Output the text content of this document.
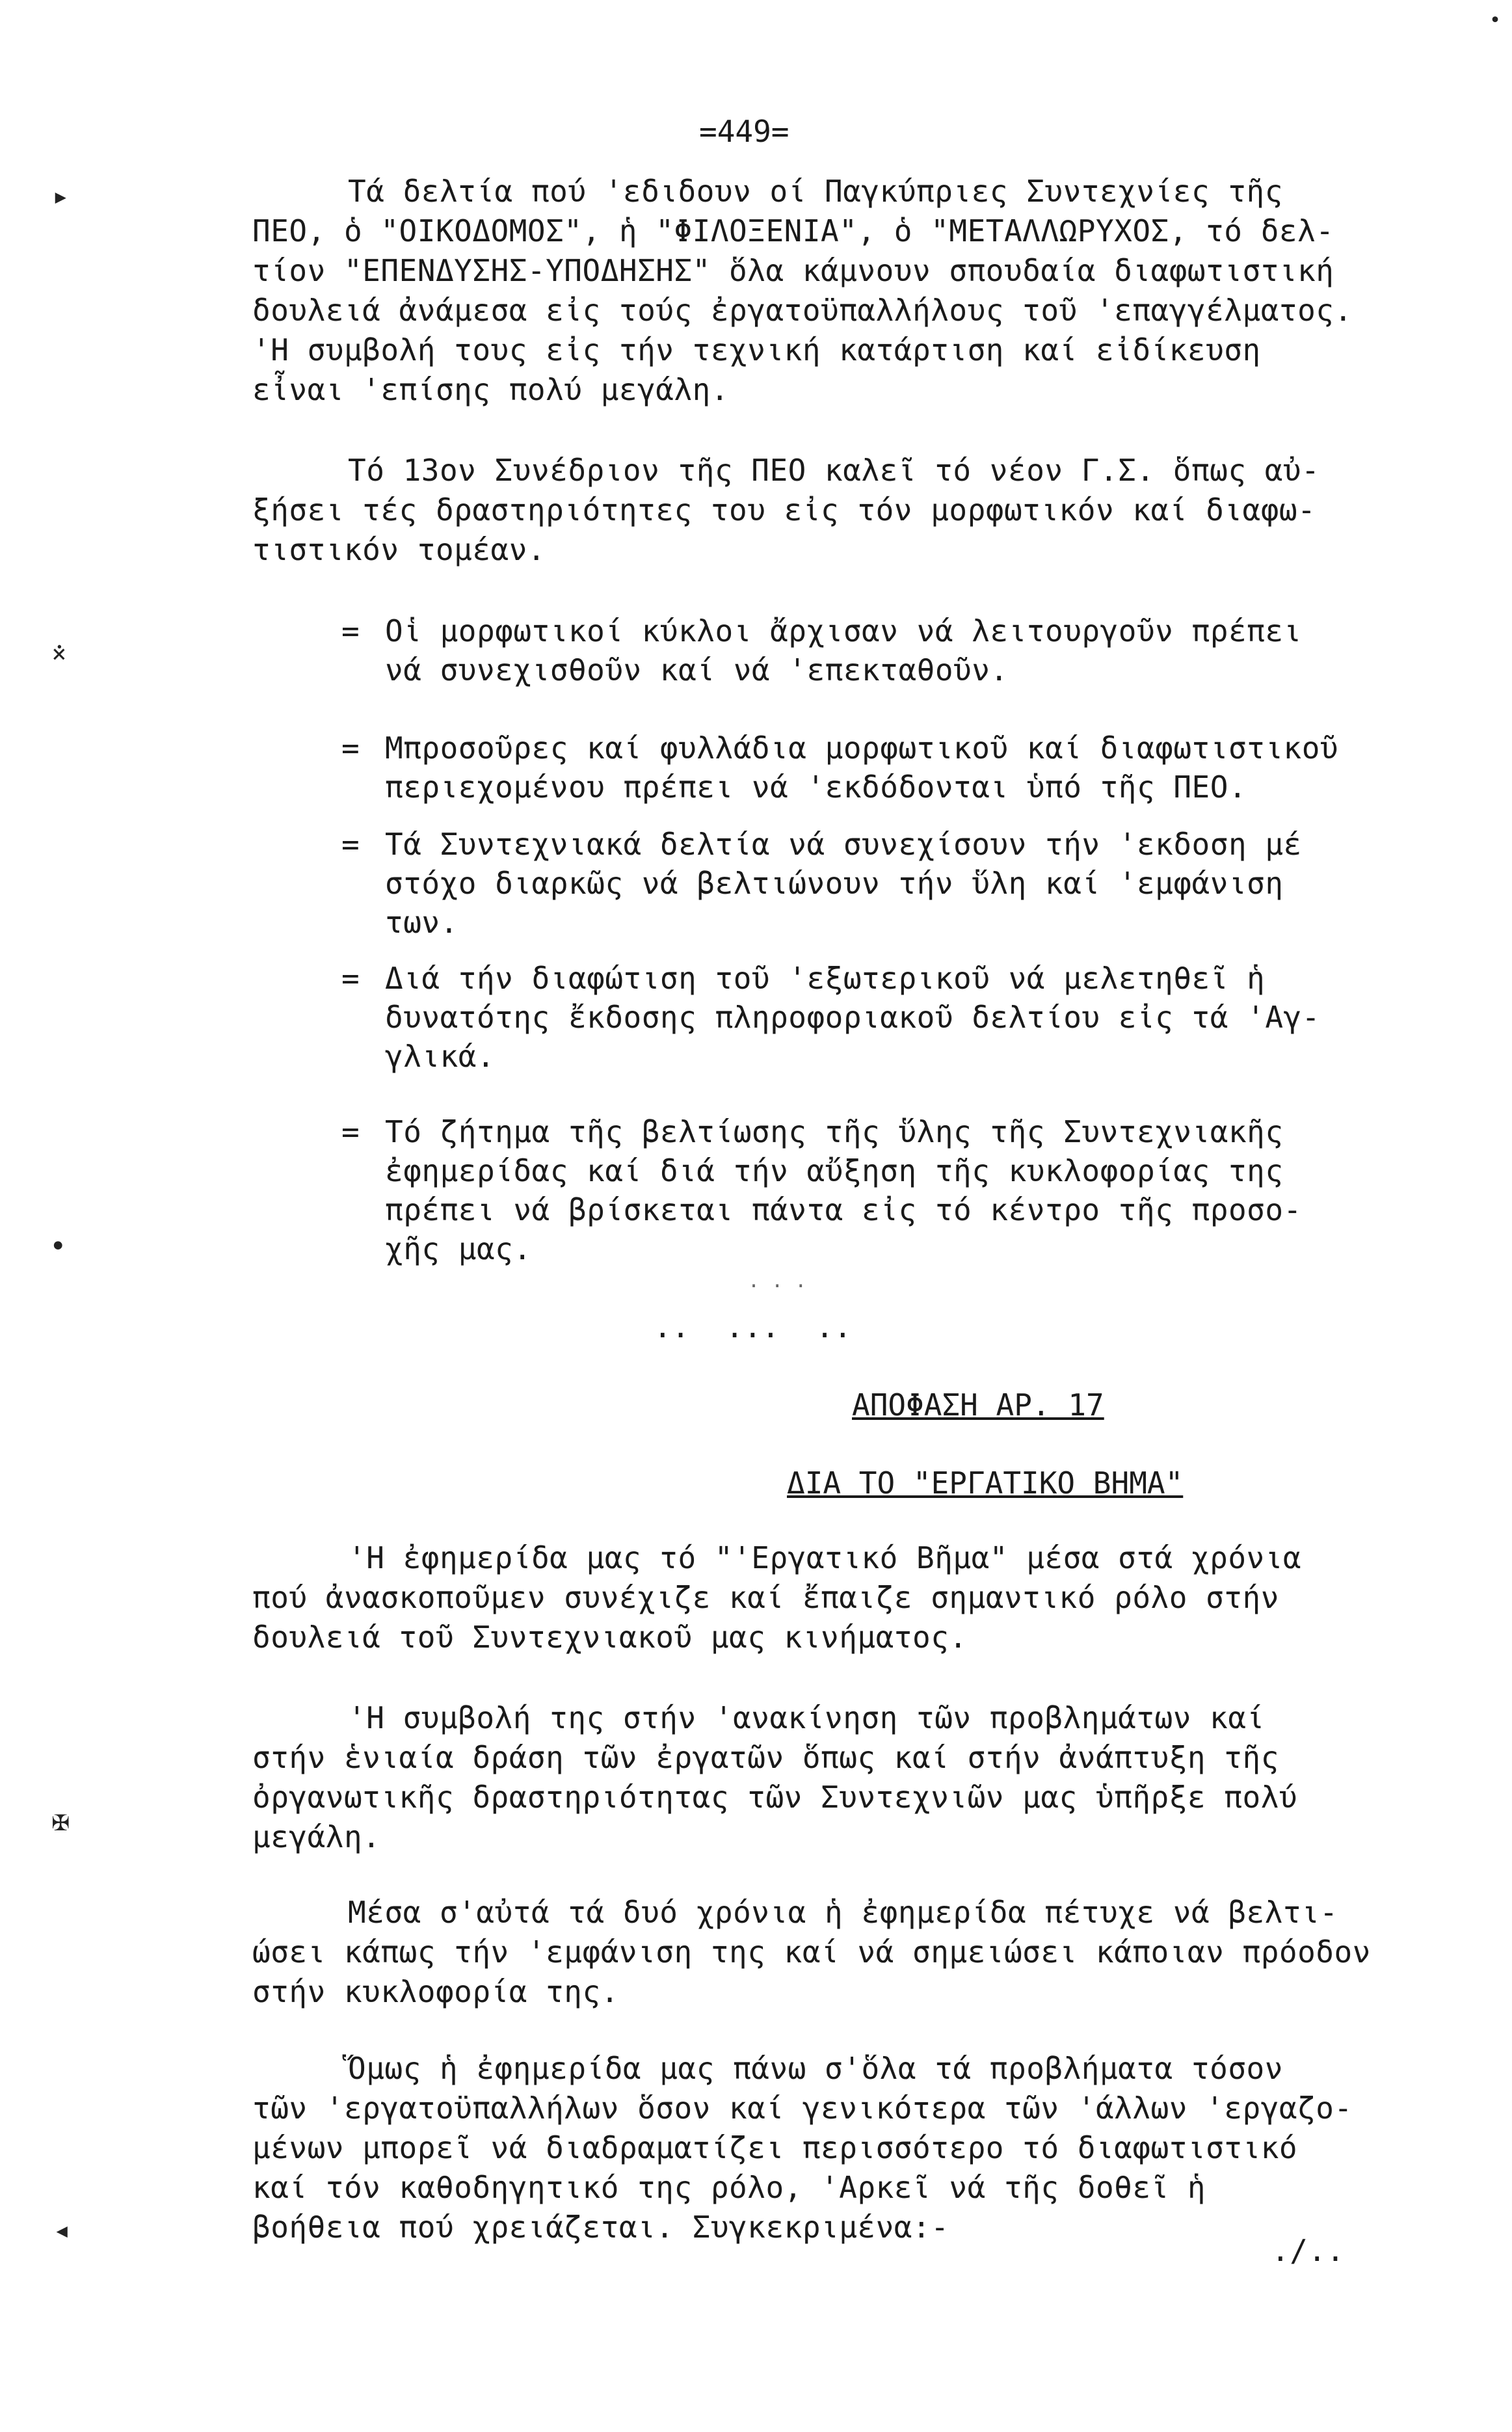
▸
⨰
•
✠
◂
•
=449=
Τά δελτία πού 'εδιδουν οί Παγκύπριες Συντεχνίες τῆς
ΠΕΟ, ὁ "ΟΙΚΟΔΟΜΟΣ", ἡ "ΦΙΛΟΞΕΝΙΑ", ὁ "ΜΕΤΑΛΛΩΡΥΧΟΣ, τό δελ-
τίον "ΕΠΕΝΔΥΣΗΣ-ΥΠΟΔΗΣΗΣ" ὅλα κάμνουν σπουδαία διαφωτιστική
δουλειά ἀνάμεσα εἰς τούς ἐργατοϋπαλλήλους τοῦ 'επαγγέλματος.
'Η συμβολή τους εἰς τήν τεχνική κατάρτιση καί εἰδίκευση
εἶναι 'επίσης πολύ μεγάλη.
Τό 13ον Συνέδριον τῆς ΠΕΟ καλεῖ τό νέον Γ.Σ. ὅπως αὐ-
ξήσει τές δραστηριότητες του εἰς τόν μορφωτικόν καί διαφω-
τιστικόν τομέαν.
= Οἱ μορφωτικοί κύκλοι ἄρχισαν νά λειτουργοῦν πρέπει
νά συνεχισθοῦν καί νά 'επεκταθοῦν.
= Μπροσοῦρες καί φυλλάδια μορφωτικοῦ καί διαφωτιστικοῦ
περιεχομένου πρέπει νά 'εκδόδονται ὑπό τῆς ΠΕΟ.
= Τά Συντεχνιακά δελτία νά συνεχίσουν τήν 'εκδοση μέ
στόχο διαρκῶς νά βελτιώνουν τήν ὕλη καί 'εμφάνιση
των.
= Διά τήν διαφώτιση τοῦ 'εξωτερικοῦ νά μελετηθεῖ ἡ
δυνατότης ἔκδοσης πληροφοριακοῦ δελτίου εἰς τά 'Αγ-
γλικά.
= Τό ζήτημα τῆς βελτίωσης τῆς ὕλης τῆς Συντεχνιακῆς
ἐφημερίδας καί διά τήν αὔξηση τῆς κυκλοφορίας της
πρέπει νά βρίσκεται πάντα εἰς τό κέντρο τῆς προσο-
χῆς μας.
. . .
..  ...  ..
ΑΠΟΦΑΣΗ ΑΡ. 17
ΔΙΑ ΤΟ "ΕΡΓΑΤΙΚΟ ΒΗΜΑ"
'Η ἐφημερίδα μας τό "'Εργατικό Βῆμα" μέσα στά χρόνια
πού ἀνασκοποῦμεν συνέχιζε καί ἔπαιζε σημαντικό ρόλο στήν
δουλειά τοῦ Συντεχνιακοῦ μας κινήματος.
'Η συμβολή της στήν 'ανακίνηση τῶν προβλημάτων καί
στήν ἑνιαία δράση τῶν ἐργατῶν ὅπως καί στήν ἀνάπτυξη τῆς
ὀργανωτικῆς δραστηριότητας τῶν Συντεχνιῶν μας ὑπῆρξε πολύ
μεγάλη.
Μέσα σ'αὐτά τά δυό χρόνια ἡ ἐφημερίδα πέτυχε νά βελτι-
ώσει κάπως τήν 'εμφάνιση της καί νά σημειώσει κάποιαν πρόοδον
στήν κυκλοφορία της.
Ὅμως ἡ ἐφημερίδα μας πάνω σ'ὅλα τά προβλήματα τόσον
τῶν 'εργατοϋπαλλήλων ὅσον καί γενικότερα τῶν 'άλλων 'εργαζο-
μένων μπορεῖ νά διαδραματίζει περισσότερο τό διαφωτιστικό
καί τόν καθοδηγητικό της ρόλο, 'Αρκεῖ νά τῆς δοθεῖ ἡ
βοήθεια πού χρειάζεται. Συγκεκριμένα:-
./..
